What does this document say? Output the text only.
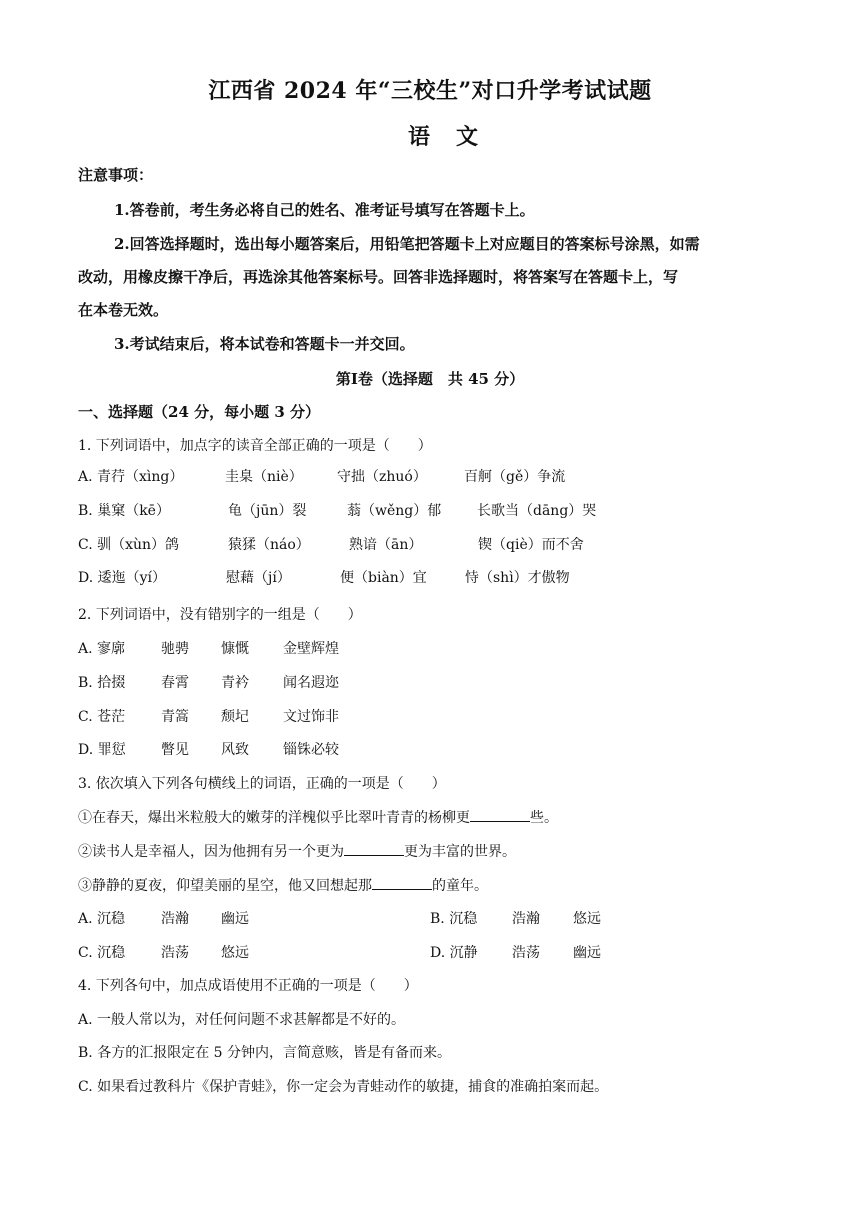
江西省 2024 年“三校生”对口升学考试试题
语文
注意事项：
1.答卷前，考生务必将自己的姓名、准考证号填写在答题卡上。
2.回答选择题时，选出每小题答案后，用铅笔把答题卡上对应题目的答案标号涂黑，如需
改动，用橡皮擦干净后，再选涂其他答案标号。回答非选择题时，将答案写在答题卡上，写
在本卷无效。
3.考试结束后，将本试卷和答题卡一并交回。
第Ⅰ卷（选择题　共 45 分）
一、选择题（24 分，每小题 3 分）
1. 下列词语中，加点字的读音全部正确的一项是（　　）
A. 青荇（xìng）	圭臬（niè） 守拙（zhuó）	百舸（gě）争流
B. 巢窠（kē）	龟（jūn）裂	蓊（wěng）郁	长歌当（dāng）哭
C. 驯（xùn）鸽	猿猱（náo）	熟谙（ān）	锲（qiè）而不舍
D. 逶迤（yí）	慰藉（jí）	便（biàn）宜	恃（shì）才傲物
2. 下列词语中，没有错别字的一组是（　　）
A. 寥廓	驰骋 慷慨 金壁辉煌
B. 拾掇	春霄 青衿 闻名遐迩
C. 苍茫	青篙 颓圮 文过饰非
D. 罪愆	瞥见 风致 锱铢必较
3. 依次填入下列各句横线上的词语，正确的一项是（　　）
①在春天，爆出米粒般大的嫩芽的洋槐似乎比翠叶青青的杨柳更	些。
②读书人是幸福人，因为他拥有另一个更为	更为丰富的世界。
③静静的夏夜，仰望美丽的星空，他又回想起那	的童年。
A. 沉稳	浩瀚 幽远	B. 沉稳 浩瀚 悠远
C. 沉稳	浩荡 悠远	D. 沉静 浩荡 幽远
4. 下列各句中，加点成语使用不正确的一项是（　　）
A. 一般人常以为，对任何问题不求甚解都是不好的。
B. 各方的汇报限定在 5 分钟内，言简意赅，皆是有备而来。
C. 如果看过教科片《保护青蛙》，你一定会为青蛙动作的敏捷，捕食的准确拍案而起。
